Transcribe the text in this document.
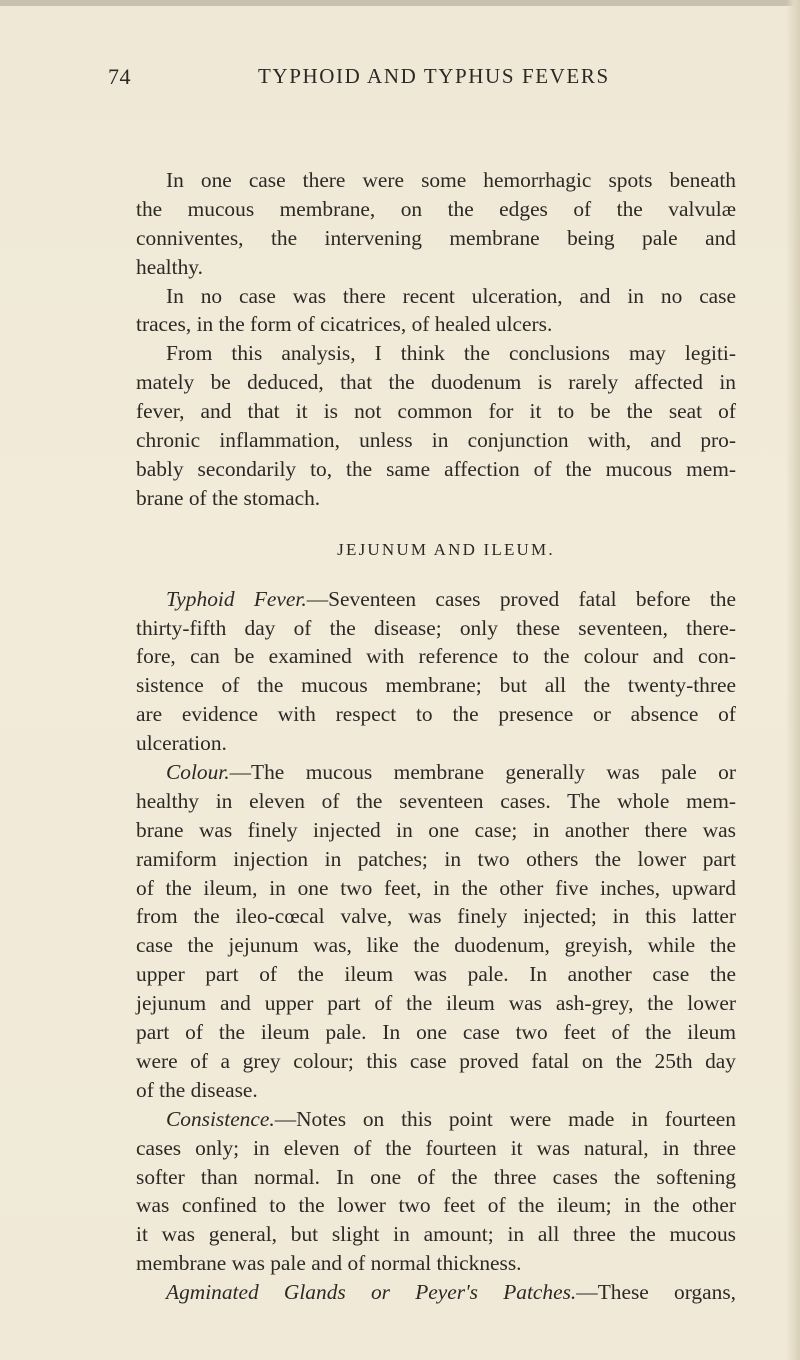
74	TYPHOID AND TYPHUS FEVERS
In one case there were some hemorrhagic spots beneath
the mucous membrane, on the edges of the valvulæ
conniventes, the intervening membrane being pale and
healthy.
In no case was there recent ulceration, and in no case
traces, in the form of cicatrices, of healed ulcers.
From this analysis, I think the conclusions may legiti-
mately be deduced, that the duodenum is rarely affected in
fever, and that it is not common for it to be the seat of
chronic inflammation, unless in conjunction with, and pro-
bably secondarily to, the same affection of the mucous mem-
brane of the stomach.
JEJUNUM AND ILEUM.
Typhoid Fever.—Seventeen cases proved fatal before the
thirty-fifth day of the disease; only these seventeen, there-
fore, can be examined with reference to the colour and con-
sistence of the mucous membrane; but all the twenty-three
are evidence with respect to the presence or absence of
ulceration.
Colour.—The mucous membrane generally was pale or
healthy in eleven of the seventeen cases. The whole mem-
brane was finely injected in one case; in another there was
ramiform injection in patches; in two others the lower part
of the ileum, in one two feet, in the other five inches, upward
from the ileo-cœcal valve, was finely injected; in this latter
case the jejunum was, like the duodenum, greyish, while the
upper part of the ileum was pale. In another case the
jejunum and upper part of the ileum was ash-grey, the lower
part of the ileum pale. In one case two feet of the ileum
were of a grey colour; this case proved fatal on the 25th day
of the disease.
Consistence.—Notes on this point were made in fourteen
cases only; in eleven of the fourteen it was natural, in three
softer than normal. In one of the three cases the softening
was confined to the lower two feet of the ileum; in the other
it was general, but slight in amount; in all three the mucous
membrane was pale and of normal thickness.
Agminated Glands or Peyer's Patches.—These organs,
